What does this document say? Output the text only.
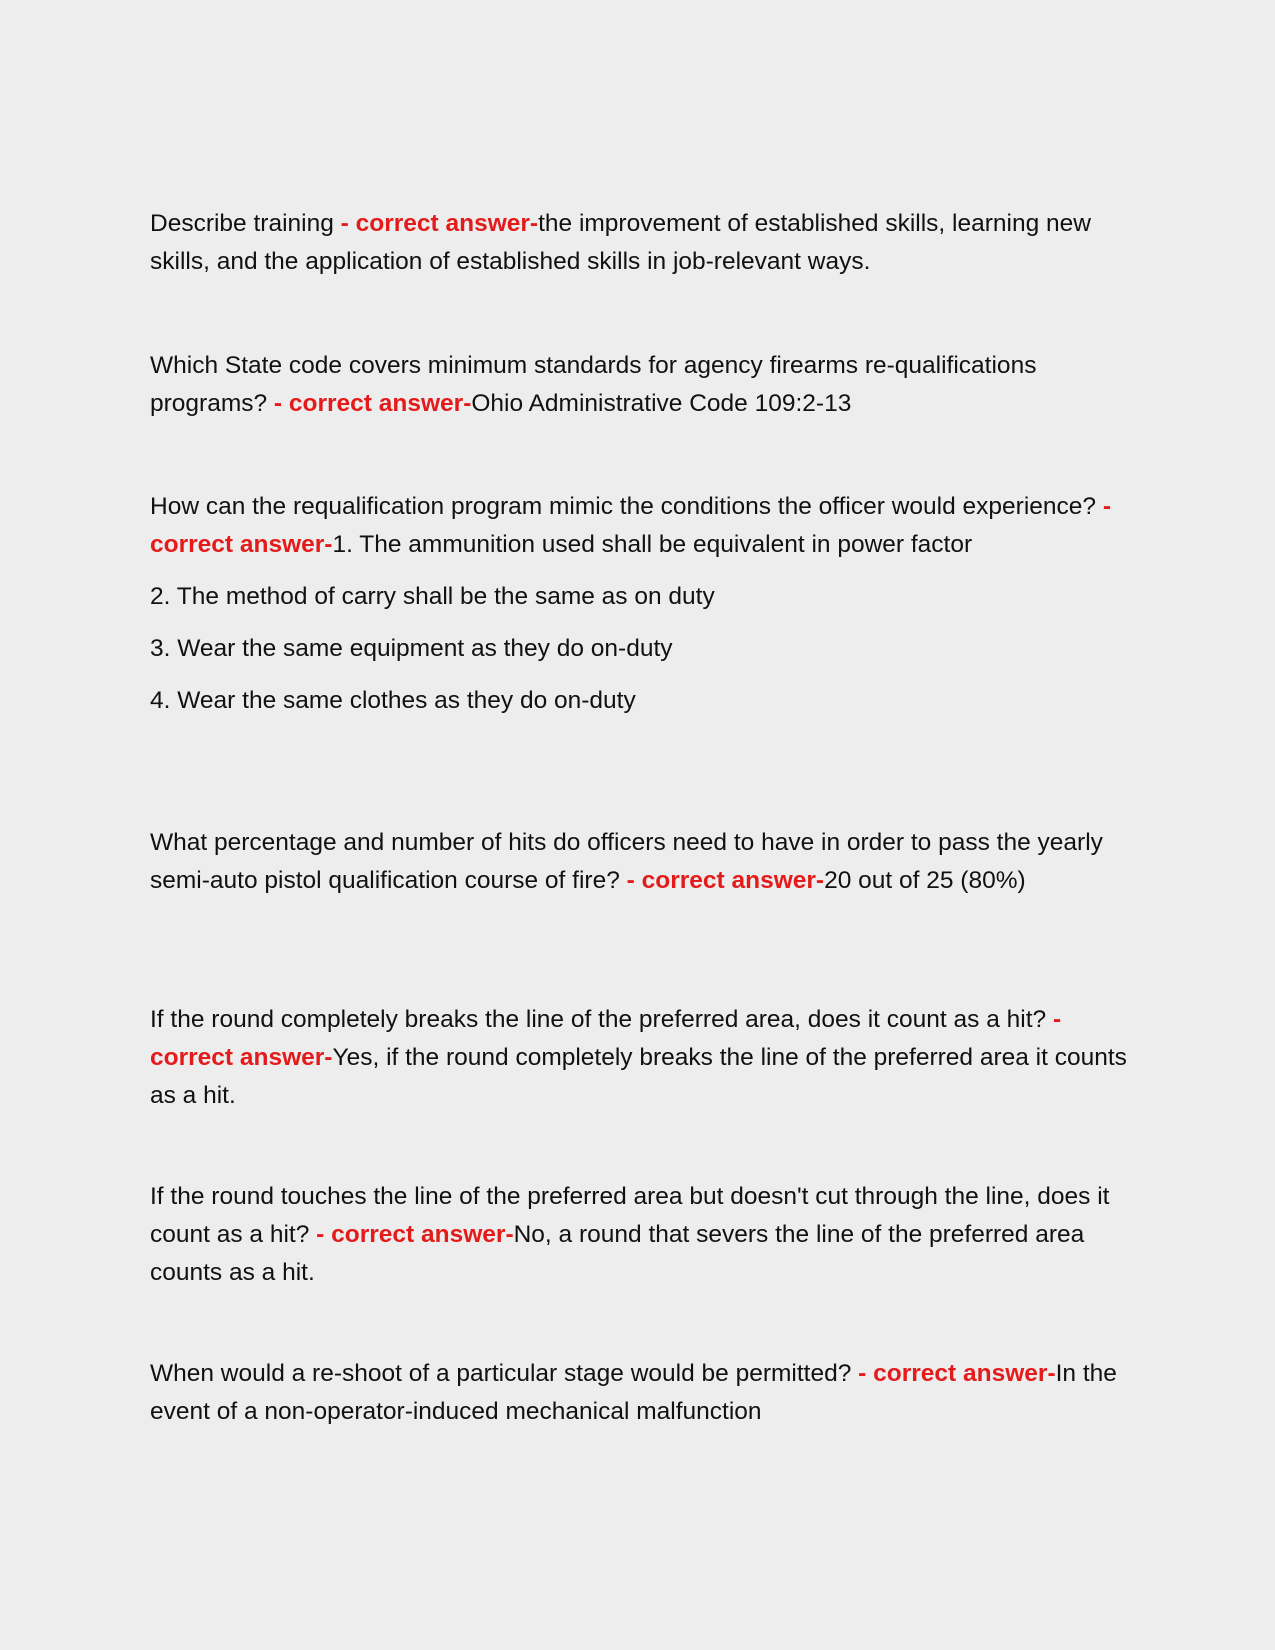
Describe training - correct answer-the improvement of established skills, learning new skills, and the application of established skills in job-relevant ways.

Which State code covers minimum standards for agency firearms re-qualifications programs? - correct answer-Ohio Administrative Code 109:2-13

How can the requalification program mimic the conditions the officer would experience? - correct answer-1. The ammunition used shall be equivalent in power factor

2. The method of carry shall be the same as on duty

3. Wear the same equipment as they do on-duty

4. Wear the same clothes as they do on-duty

What percentage and number of hits do officers need to have in order to pass the yearly semi-auto pistol qualification course of fire? - correct answer-20 out of 25 (80%)

If the round completely breaks the line of the preferred area, does it count as a hit? - correct answer-Yes, if the round completely breaks the line of the preferred area it counts as a hit.

If the round touches the line of the preferred area but doesn't cut through the line, does it count as a hit? - correct answer-No, a round that severs the line of the preferred area counts as a hit.

When would a re-shoot of a particular stage would be permitted? - correct answer-In the event of a non-operator-induced mechanical malfunction
